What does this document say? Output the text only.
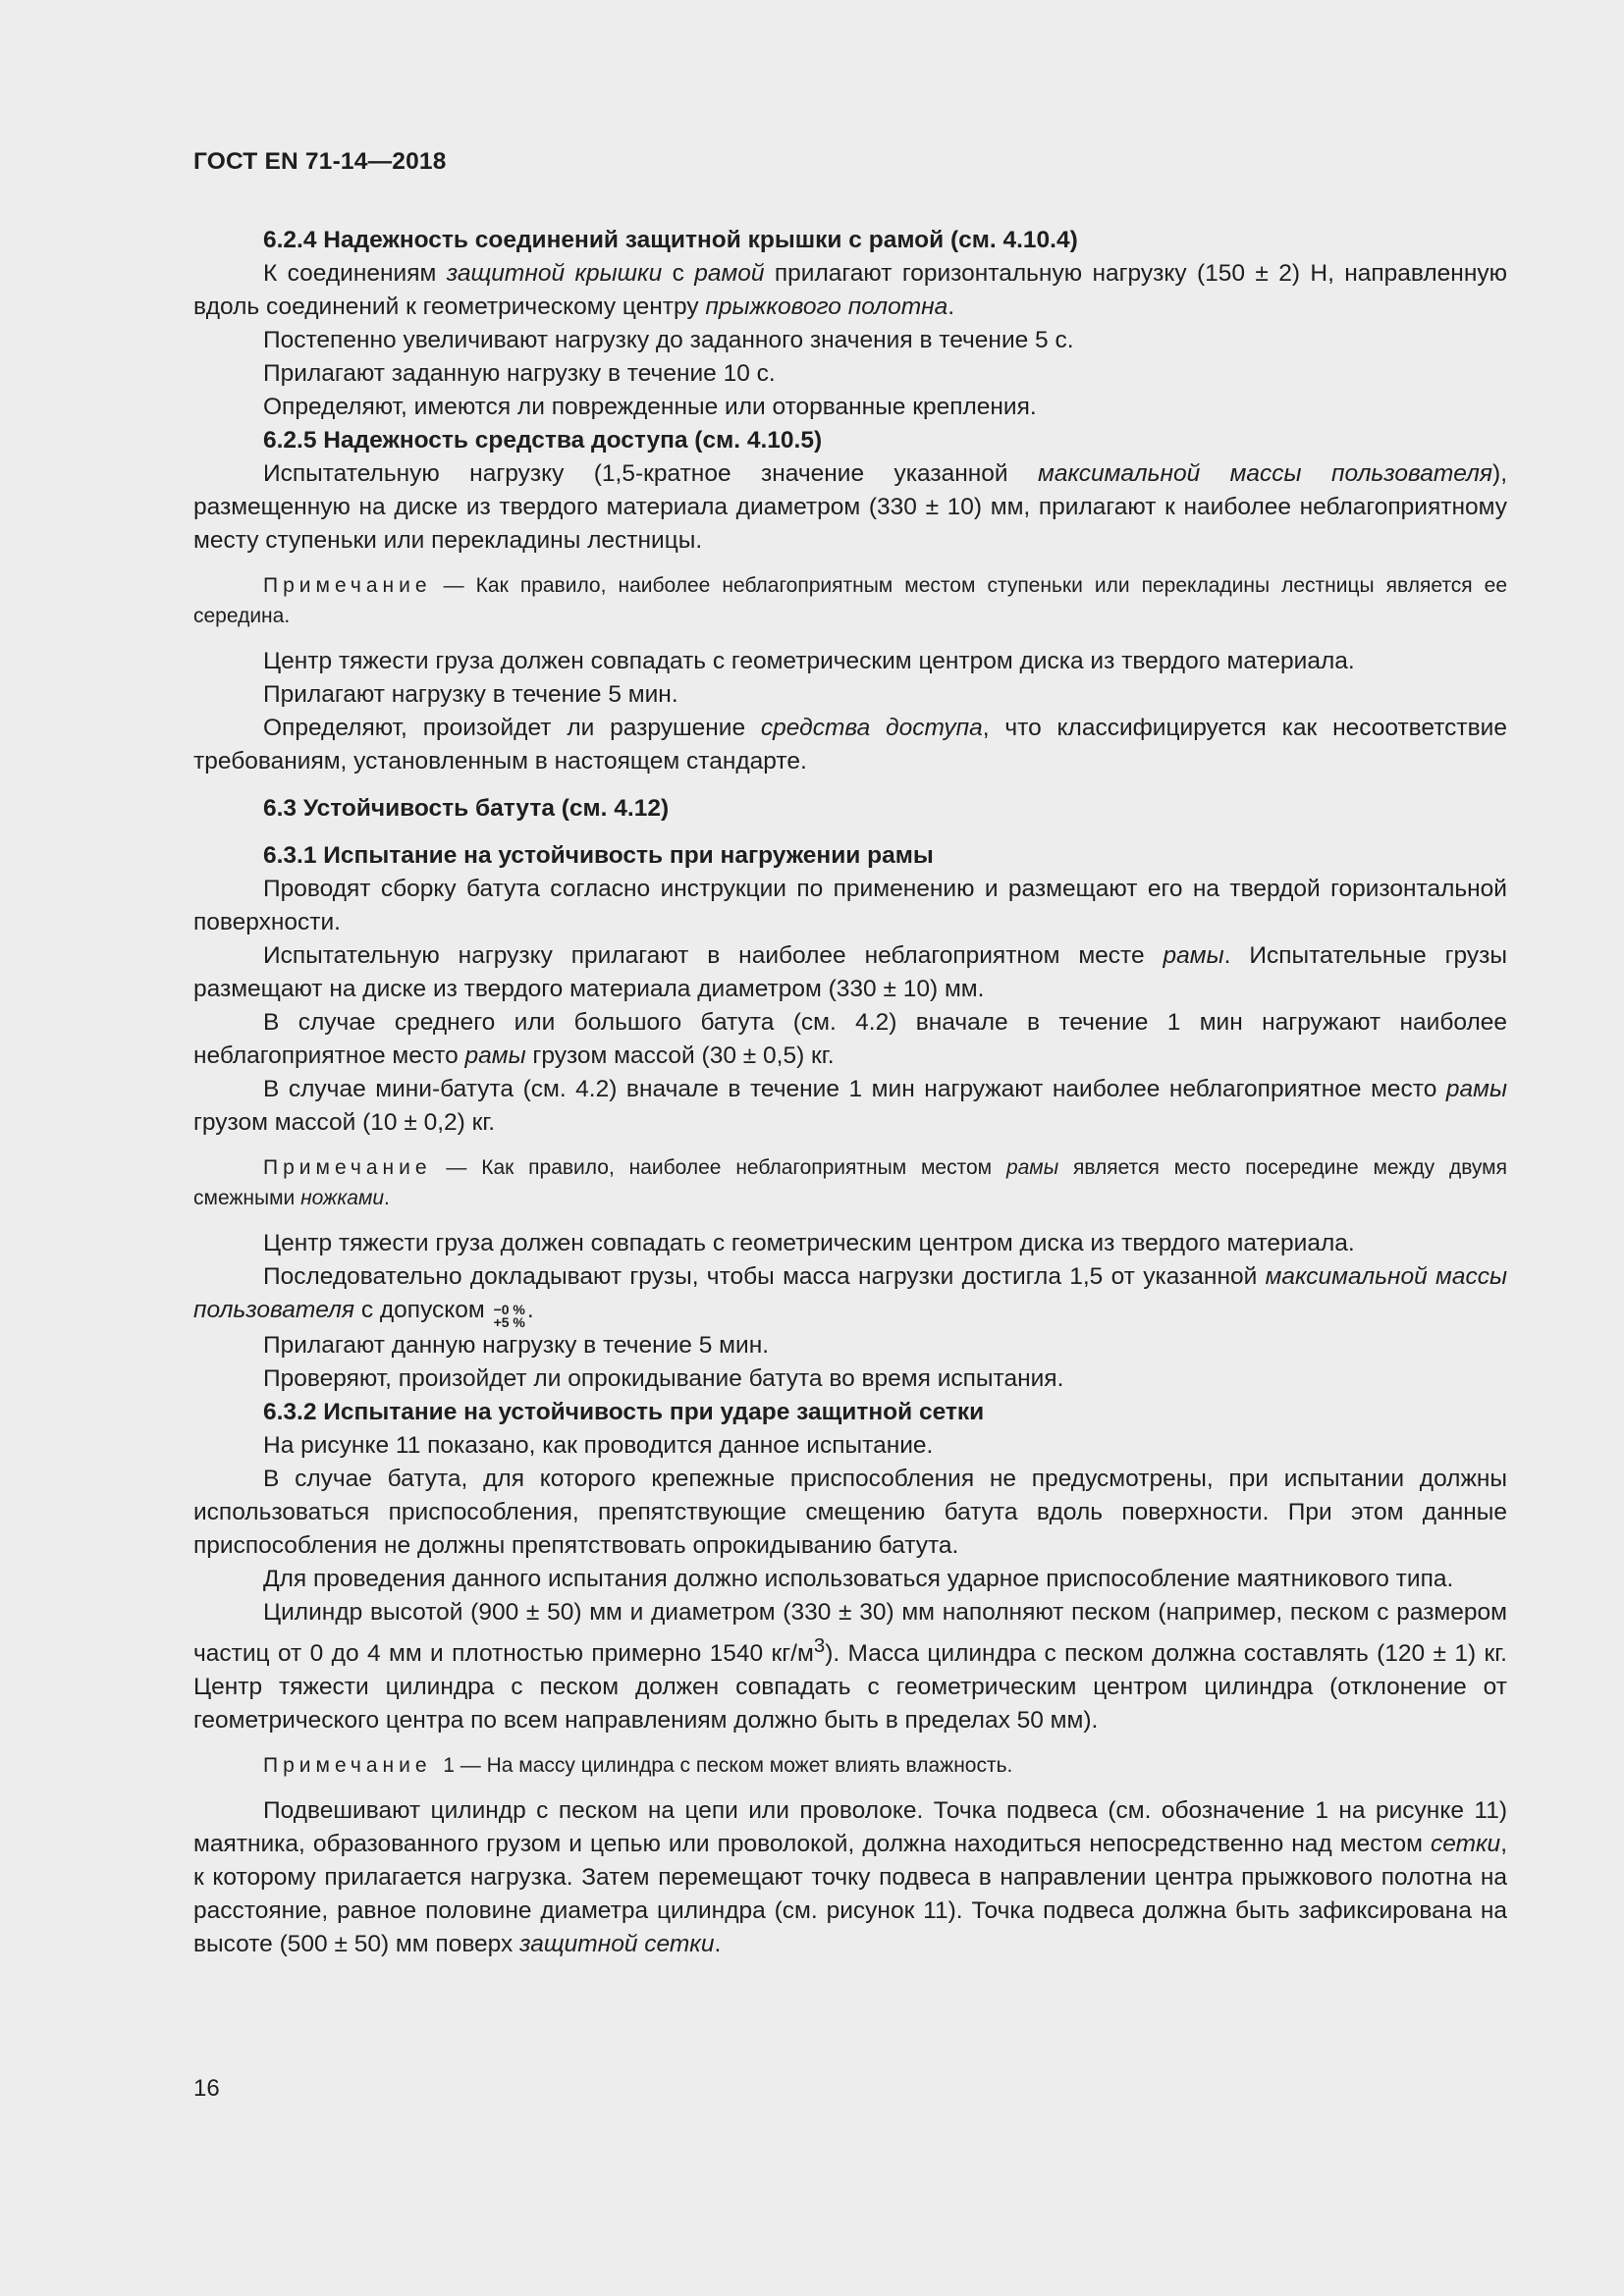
ГОСТ EN 71-14—2018

6.2.4 Надежность соединений защитной крышки с рамой (см. 4.10.4)

К соединениям защитной крышки с рамой прилагают горизонтальную нагрузку (150 ± 2) Н, направленную вдоль соединений к геометрическому центру прыжкового полотна.

Постепенно увеличивают нагрузку до заданного значения в течение 5 с.

Прилагают заданную нагрузку в течение 10 с.

Определяют, имеются ли поврежденные или оторванные крепления.

6.2.5 Надежность средства доступа (см. 4.10.5)

Испытательную нагрузку (1,5-кратное значение указанной максимальной массы пользователя), размещенную на диске из твердого материала диаметром (330 ± 10) мм, прилагают к наиболее неблагоприятному месту ступеньки или перекладины лестницы.

Примечание — Как правило, наиболее неблагоприятным местом ступеньки или перекладины лестницы является ее середина.

Центр тяжести груза должен совпадать с геометрическим центром диска из твердого материала.

Прилагают нагрузку в течение 5 мин.

Определяют, произойдет ли разрушение средства доступа, что классифицируется как несоответствие требованиям, установленным в настоящем стандарте.

6.3 Устойчивость батута (см. 4.12)

6.3.1 Испытание на устойчивость при нагружении рамы

Проводят сборку батута согласно инструкции по применению и размещают его на твердой горизонтальной поверхности.

Испытательную нагрузку прилагают в наиболее неблагоприятном месте рамы. Испытательные грузы размещают на диске из твердого материала диаметром (330 ± 10) мм.

В случае среднего или большого батута (см. 4.2) вначале в течение 1 мин нагружают наиболее неблагоприятное место рамы грузом массой (30 ± 0,5) кг.

В случае мини-батута (см. 4.2) вначале в течение 1 мин нагружают наиболее неблагоприятное место рамы грузом массой (10 ± 0,2) кг.

Примечание — Как правило, наиболее неблагоприятным местом рамы является место посередине между двумя смежными ножками.

Центр тяжести груза должен совпадать с геометрическим центром диска из твердого материала.

Последовательно докладывают грузы, чтобы масса нагрузки достигла 1,5 от указанной максимальной массы пользователя с допуском −0 %
+5 % .

Прилагают данную нагрузку в течение 5 мин.

Проверяют, произойдет ли опрокидывание батута во время испытания.

6.3.2 Испытание на устойчивость при ударе защитной сетки

На рисунке 11 показано, как проводится данное испытание.

В случае батута, для которого крепежные приспособления не предусмотрены, при испытании должны использоваться приспособления, препятствующие смещению батута вдоль поверхности. При этом данные приспособления не должны препятствовать опрокидыванию батута.

Для проведения данного испытания должно использоваться ударное приспособление маятникового типа.

Цилиндр высотой (900 ± 50) мм и диаметром (330 ± 30) мм наполняют песком (например, песком с размером частиц от 0 до 4 мм и плотностью примерно 1540 $кг/м^3$). Масса цилиндра с песком должна составлять (120 ± 1) кг. Центр тяжести цилиндра с песком должен совпадать с геометрическим центром цилиндра (отклонение от геометрического центра по всем направлениям должно быть в пределах 50 мм).

Примечание  1 — На массу цилиндра с песком может влиять влажность.

Подвешивают цилиндр с песком на цепи или проволоке. Точка подвеса (см. обозначение 1 на рисунке 11) маятника, образованного грузом и цепью или проволокой, должна находиться непосредственно над местом сетки, к которому прилагается нагрузка. Затем перемещают точку подвеса в направлении центра прыжкового полотна на расстояние, равное половине диаметра цилиндра (см. рисунок 11). Точка подвеса должна быть зафиксирована на высоте (500 ± 50) мм поверх защитной сетки.

16
